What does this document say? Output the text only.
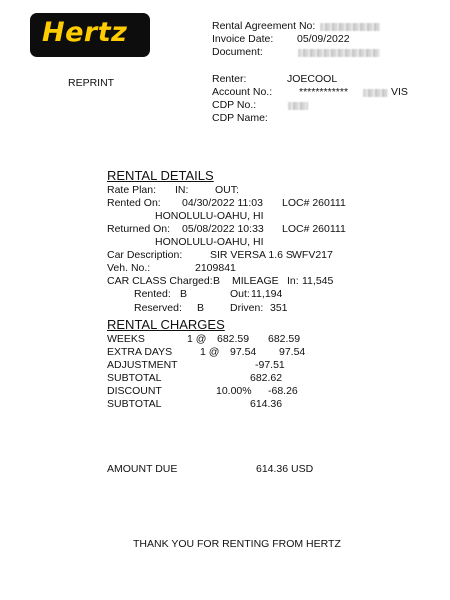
Hertz	Rental Agreement No:
Invoice Date: 05/09/2022
Document:
REPRINT	Renter:	JOECOOL
Account No.:	************	VIS
CDP No.:
CDP Name:
RENTAL DETAILS
Rate Plan: IN:	OUT:
Rented On: 04/30/2022 11:03 LOC# 260111
HONOLULU-OAHU, HI
Returned On: 05/08/2022 10:33 LOC# 260111
HONOLULU-OAHU, HI
Car Description:	SIR VERSA 1.6 S WFV217
Veh. No.:	2109841
CAR CLASS Charged: B MILEAGE In: 11,545
Rented: B	Out: 11,194
Reserved: B Driven: 351
RENTAL CHARGES
WEEKS	1 @ 682.59 682.59
EXTRA DAYS	1 @ 97.54 97.54
ADJUSTMENT	-97.51
SUBTOTAL	682.62
DISCOUNT	10.00% -68.26
SUBTOTAL	614.36
AMOUNT DUE	614.36 USD
THANK YOU FOR RENTING FROM HERTZ
